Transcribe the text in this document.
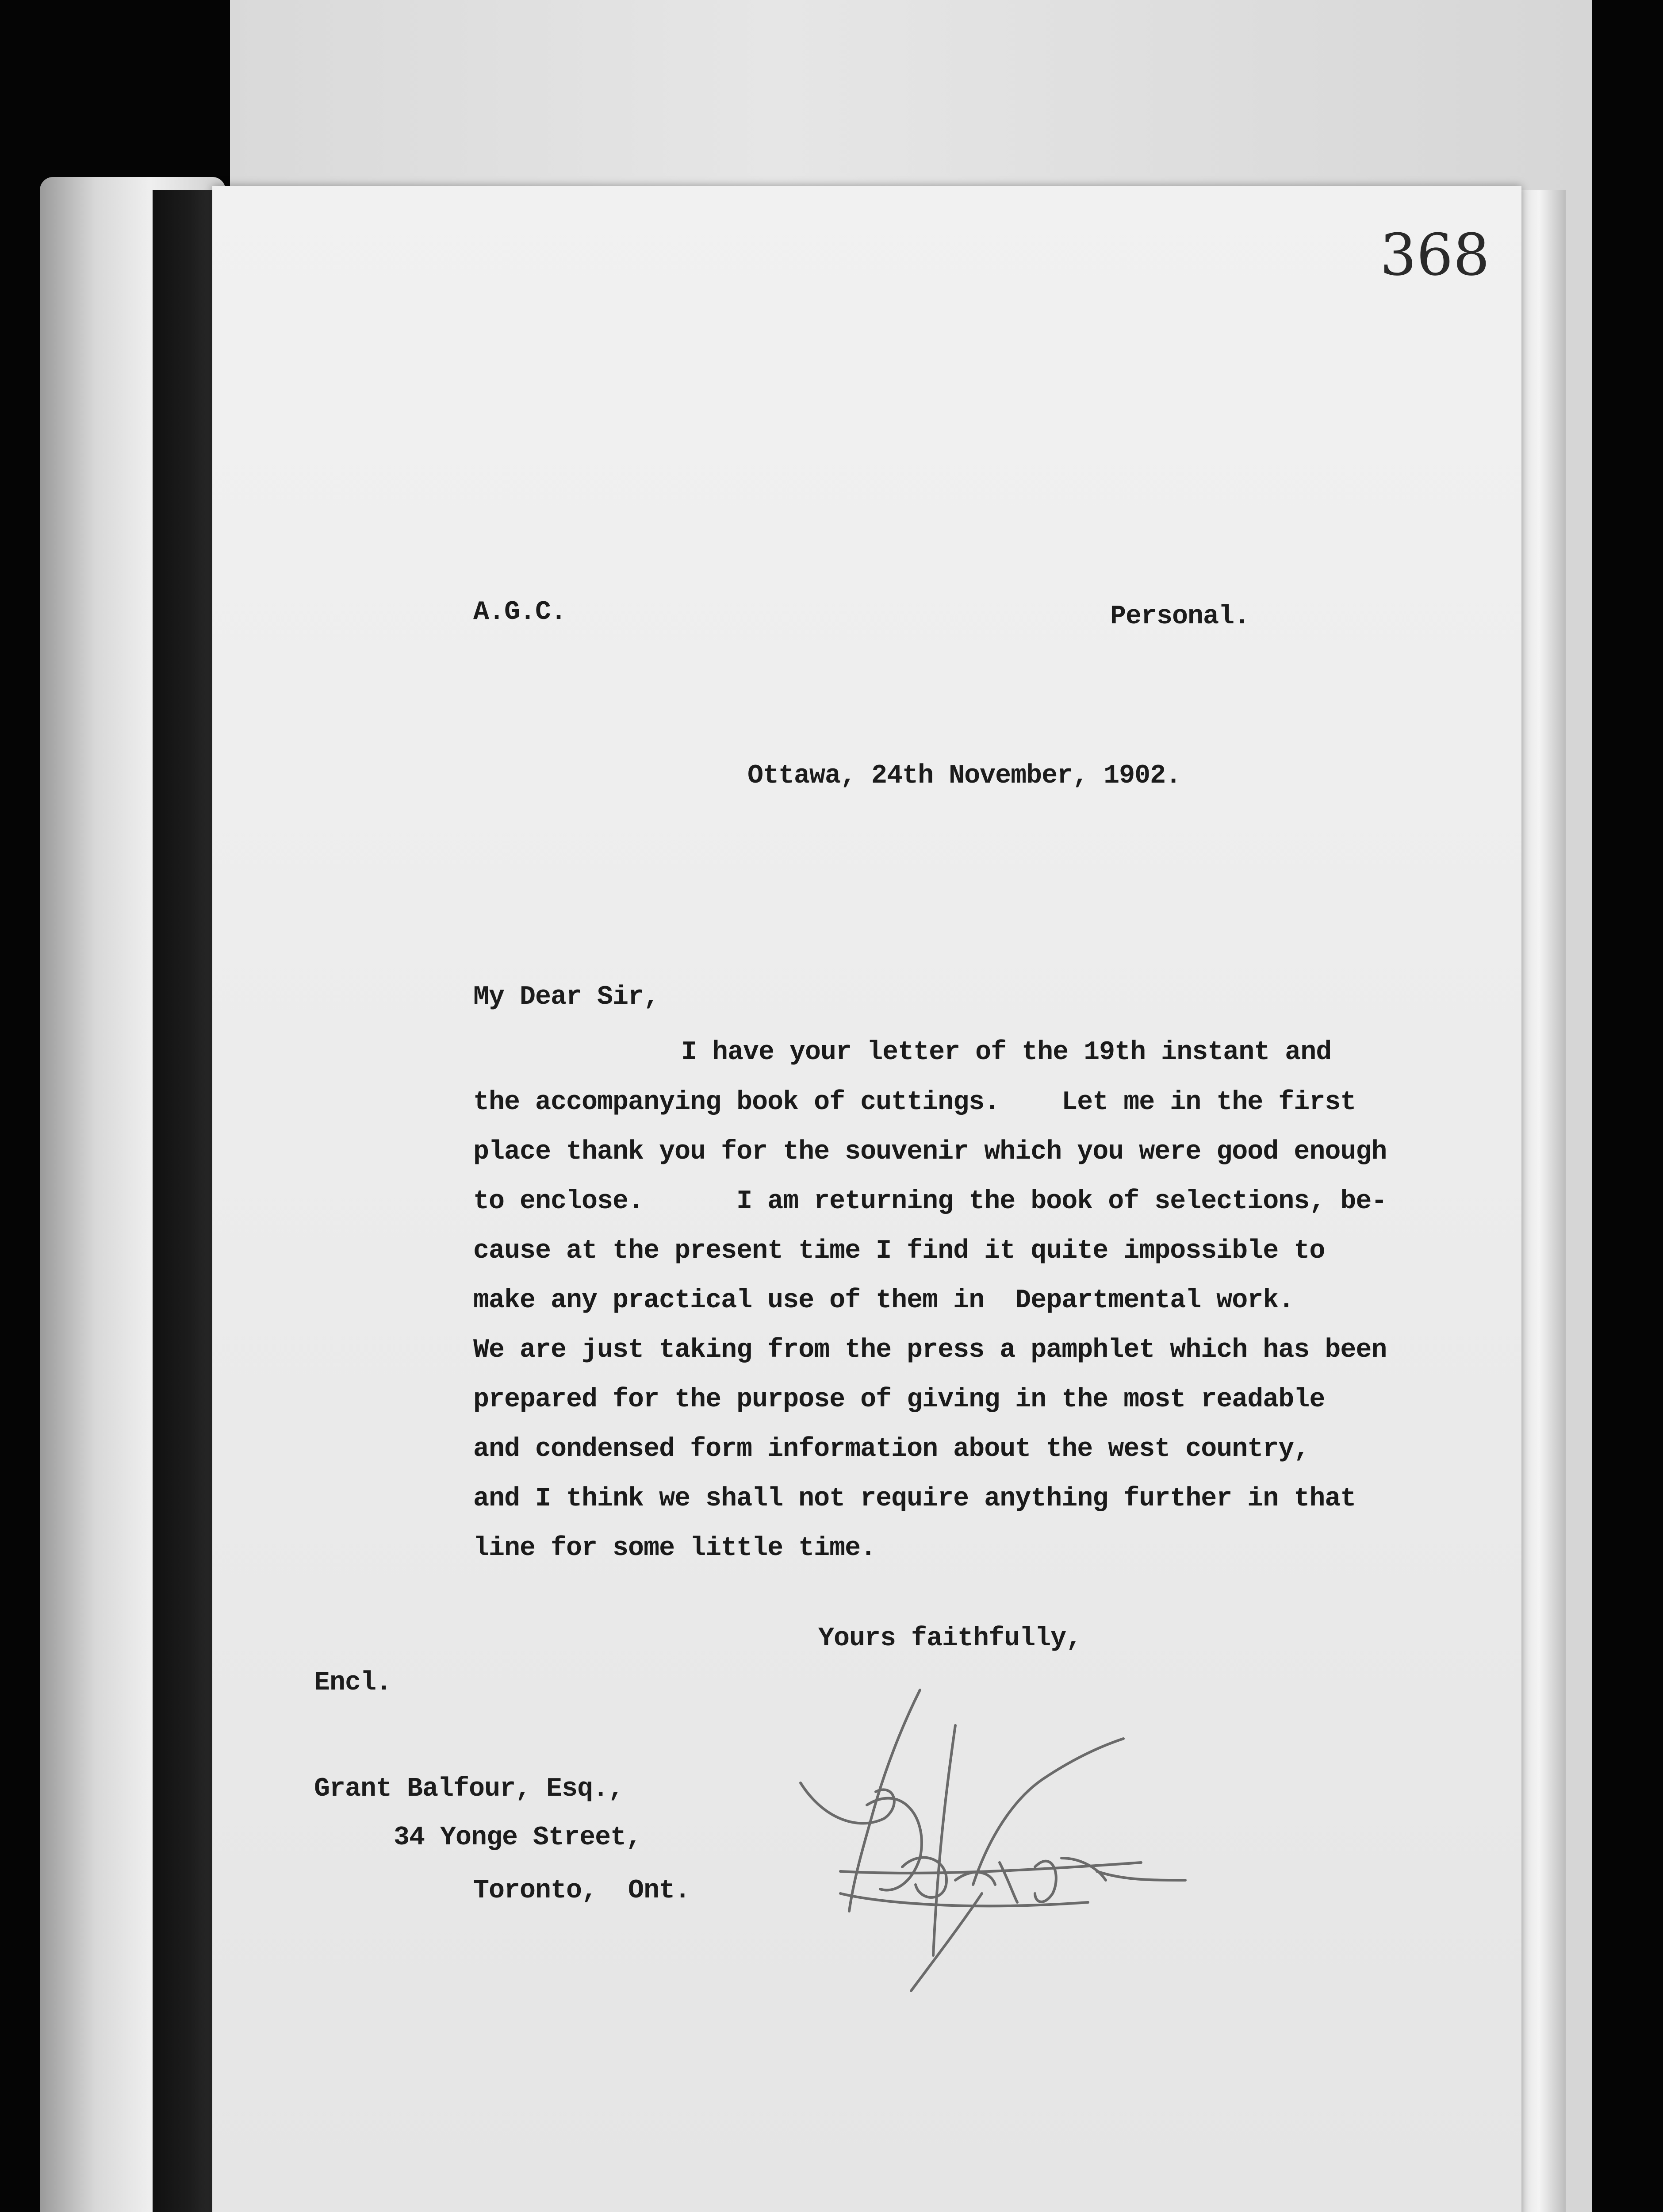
368
A.G.C.	Personal.
Ottawa, 24th November, 1902.
My Dear Sir,
I have your letter of the 19th instant and
the accompanying book of cuttings.    Let me in the first
place thank you for the souvenir which you were good enough
to enclose.      I am returning the book of selections, be-
cause at the present time I find it quite impossible to
make any practical use of them in  Departmental work.
We are just taking from the press a pamphlet which has been
prepared for the purpose of giving in the most readable
and condensed form information about the west country,
and I think we shall not require anything further in that
line for some little time.
Yours faithfully,
Encl.
Grant Balfour, Esq.,
34 Yonge Street,
Toronto,  Ont.
